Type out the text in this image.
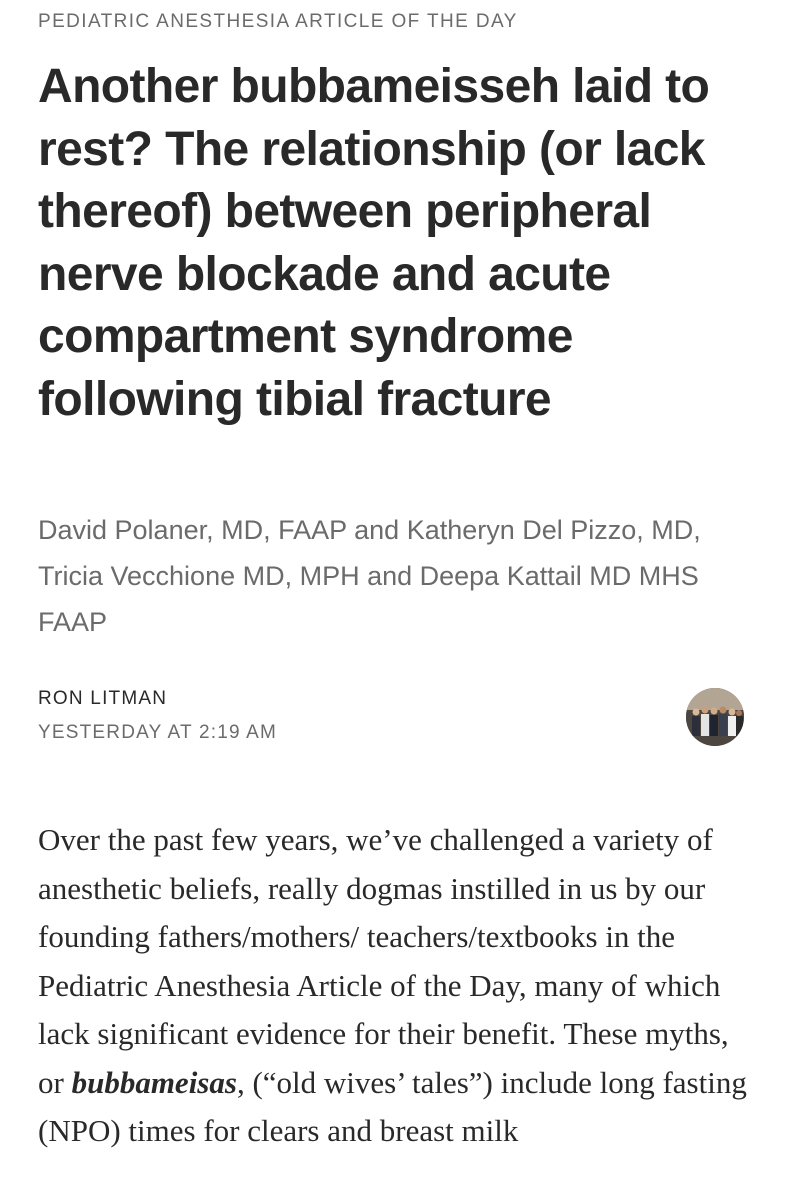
PEDIATRIC ANESTHESIA ARTICLE OF THE DAY
Another bubbameisseh laid to rest? The relationship (or lack thereof) between peripheral nerve blockade and acute compartment syndrome following tibial fracture

David Polaner, MD, FAAP and Katheryn Del Pizzo, MD, Tricia Vecchione MD, MPH and Deepa Kattail MD MHS FAAP

RON LITMAN
YESTERDAY AT 2:19 AM

Over the past few years, we’ve challenged a variety of anesthetic beliefs, really dogmas instilled in us by our founding fathers/mothers/ teachers/textbooks in the Pediatric Anesthesia Article of the Day, many of which lack significant evidence for their benefit. These myths, or bubbameisas, (“old wives’ tales”) include long fasting (NPO) times for clears and breast milk
